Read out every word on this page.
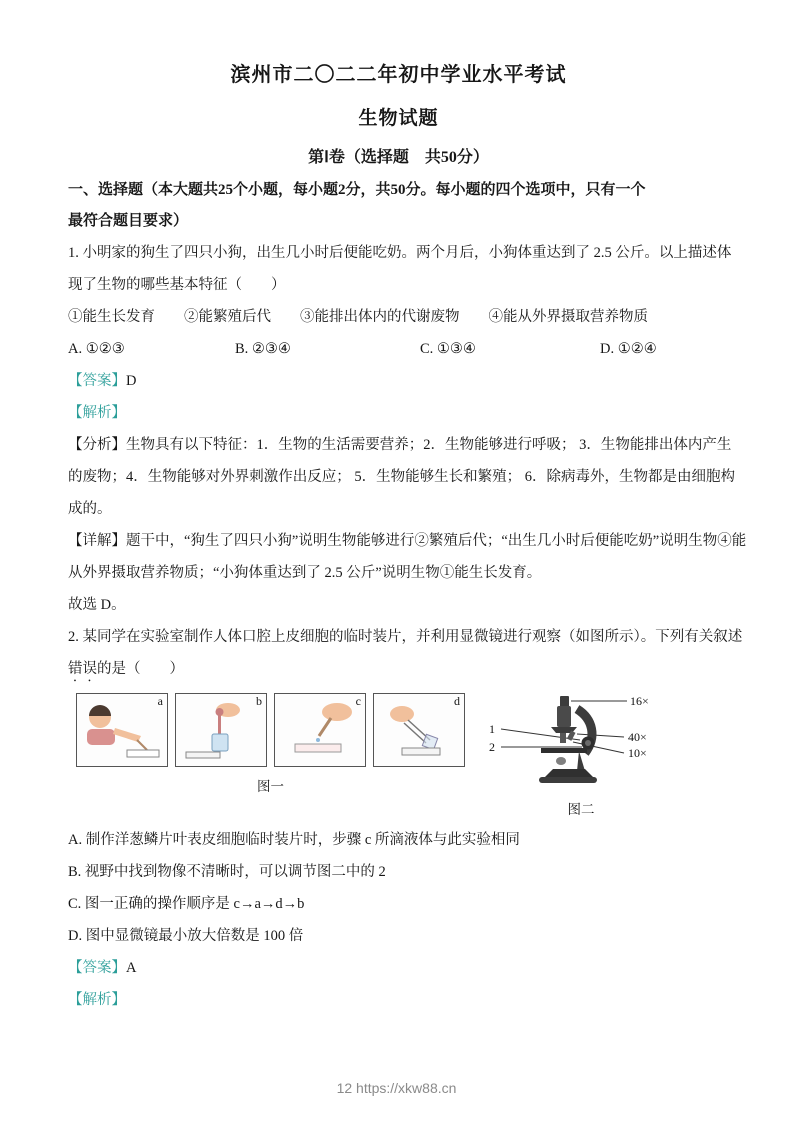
滨州市二〇二二年初中学业水平考试
生物试题
第Ⅰ卷（选择题　共50分）
一、选择题（本大题共25个小题，每小题2分，共50分。每小题的四个选项中，只有一个
最符合题目要求）
1. 小明家的狗生了四只小狗，出生几小时后便能吃奶。两个月后，小狗体重达到了 2.5 公斤。以上描述体
现了生物的哪些基本特征（　　）
①能生长发育　　②能繁殖后代　　③能排出体内的代谢废物　　④能从外界摄取营养物质
A. ①②③	B. ②③④	C. ①③④	D. ①②④
【答案】D
【解析】
【分析】生物具有以下特征：1．生物的生活需要营养；2．生物能够进行呼吸； 3．生物能排出体内产生
的废物；4．生物能够对外界刺激作出反应； 5．生物能够生长和繁殖； 6．除病毒外，生物都是由细胞构
成的。
【详解】题干中，“狗生了四只小狗”说明生物能够进行②繁殖后代；“出生几小时后便能吃奶”说明生物④能
从外界摄取营养物质；“小狗体重达到了 2.5 公斤”说明生物①能生长发育。
故选 D。
2. 某同学在实验室制作人体口腔上皮细胞的临时装片，并利用显微镜进行观察（如图所示）。下列有关叙述
错误的是（　　）
a	b	c	d
图一
16×
1
2
40×
10×
图二
A. 制作洋葱鳞片叶表皮细胞临时装片时，步骤 c 所滴液体与此实验相同
B. 视野中找到物像不清晰时，可以调节图二中的 2
C. 图一正确的操作顺序是 c→a→d→b
D. 图中显微镜最小放大倍数是 100 倍
【答案】A
【解析】
12 https://xkw88.cn
